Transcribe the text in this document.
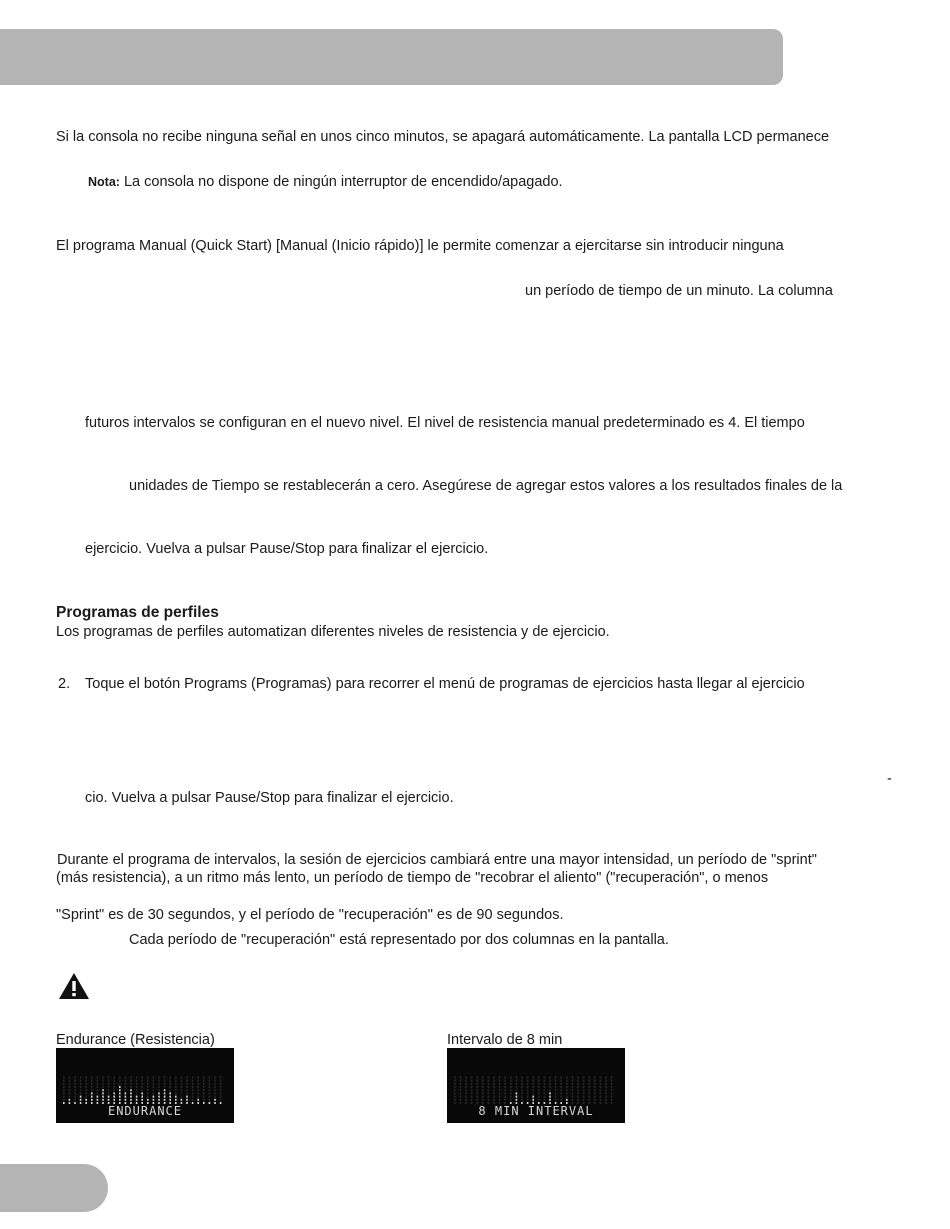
Si la consola no recibe ninguna señal en unos cinco minutos, se apagará automáticamente. La pantalla LCD permanece
Nota: La consola no dispone de ningún interruptor de encendido/apagado.
El programa Manual (Quick Start) [Manual (Inicio rápido)] le permite comenzar a ejercitarse sin introducir ninguna
un período de tiempo de un minuto. La columna
futuros intervalos se configuran en el nuevo nivel. El nivel de resistencia manual predeterminado es 4. El tiempo
unidades de Tiempo se restablecerán a cero. Asegúrese de agregar estos valores a los resultados finales de la
ejercicio. Vuelva a pulsar Pause/Stop para finalizar el ejercicio.
Programas de perfiles
Los programas de perfiles automatizan diferentes niveles de resistencia y de ejercicio.
2. Toque el botón Programs (Programas) para recorrer el menú de programas de ejercicios hasta llegar al ejercicio
-
cio. Vuelva a pulsar Pause/Stop para finalizar el ejercicio.
Durante el programa de intervalos, la sesión de ejercicios cambiará entre una mayor intensidad, un período de "sprint"
(más resistencia), a un ritmo más lento, un período de tiempo de "recobrar el aliento" ("recuperación", o menos
"Sprint" es de 30 segundos, y el período de "recuperación" es de 90 segundos.
Cada período de "recuperación" está representado por dos columnas en la pantalla.
Endurance (Resistencia)	Intervalo de 8 min
ENDURANCE	8 MIN INTERVAL
